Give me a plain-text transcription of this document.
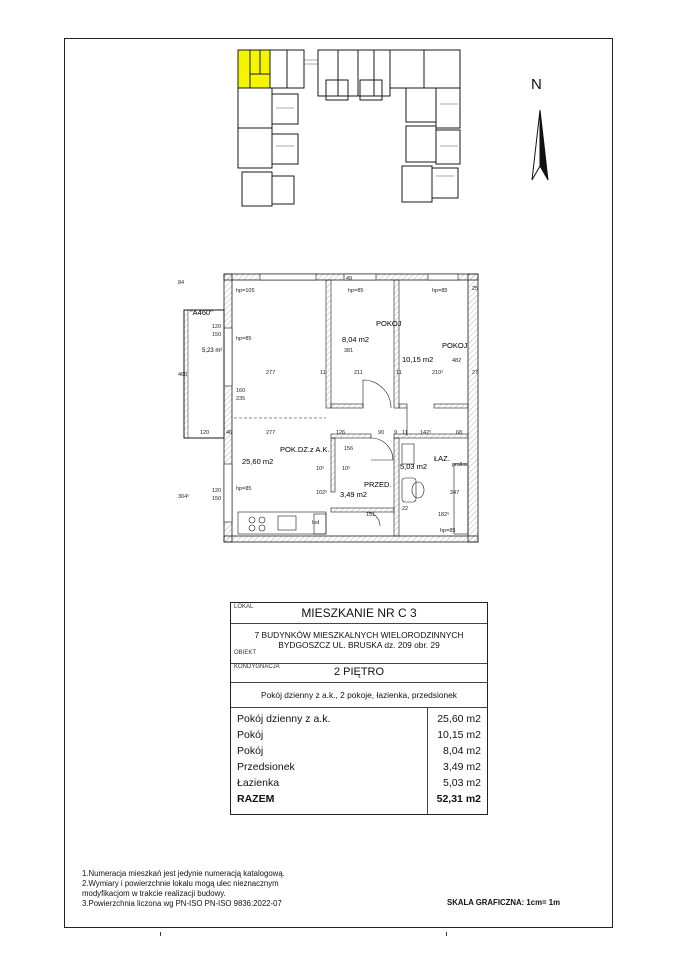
N
8,04 m2
POKOJ
10,15 m2
POKOJ
25,60 m2
POK.DZ.z A.K.
5,03 m2
ŁAZ.
3,49 m2
PRZED.
"A460"
5,23 m²
277	11	211	11	210⁵	27
277	126	90 9 11 142⁵	68
120	46
460
84
304⁵
160
235
151
22
182⁵
347
381
482
156
hp=105	hp=85	hp=85
hp=85
hp=85
hp=85
120
150
120
150
49
25
102⁵
10⁵	10⁵
pralka
lod
LOKAL	MIESZKANIE NR C 3
OBIEKT
7 BUDYNKÓW MIESZKALNYCH WIELORODZINNYCH
BYDGOSZCZ UL. BRUSKA dz. 209 obr. 29
KONDYGNACJA	2 PIĘTRO
Pokój dzienny z a.k., 2 pokoje, łazienka, przedsionek
Pokój dzienny z a.k.	25,60 m2
Pokój	10,15 m2
Pokój	8,04 m2
Przedsionek	3,49 m2
Łazienka	5,03 m2
RAZEM	52,31 m2
1.Numeracja mieszkań jest jedynie numeracją katalogową.
2.Wymiary i powierzchnie lokalu mogą ulec nieznacznym
modyfikacjom w trakcie realizacji budowy.
3.Powierzchnia liczona wg PN-ISO PN-ISO 9836:2022-07	SKALA GRAFICZNA: 1cm= 1m
